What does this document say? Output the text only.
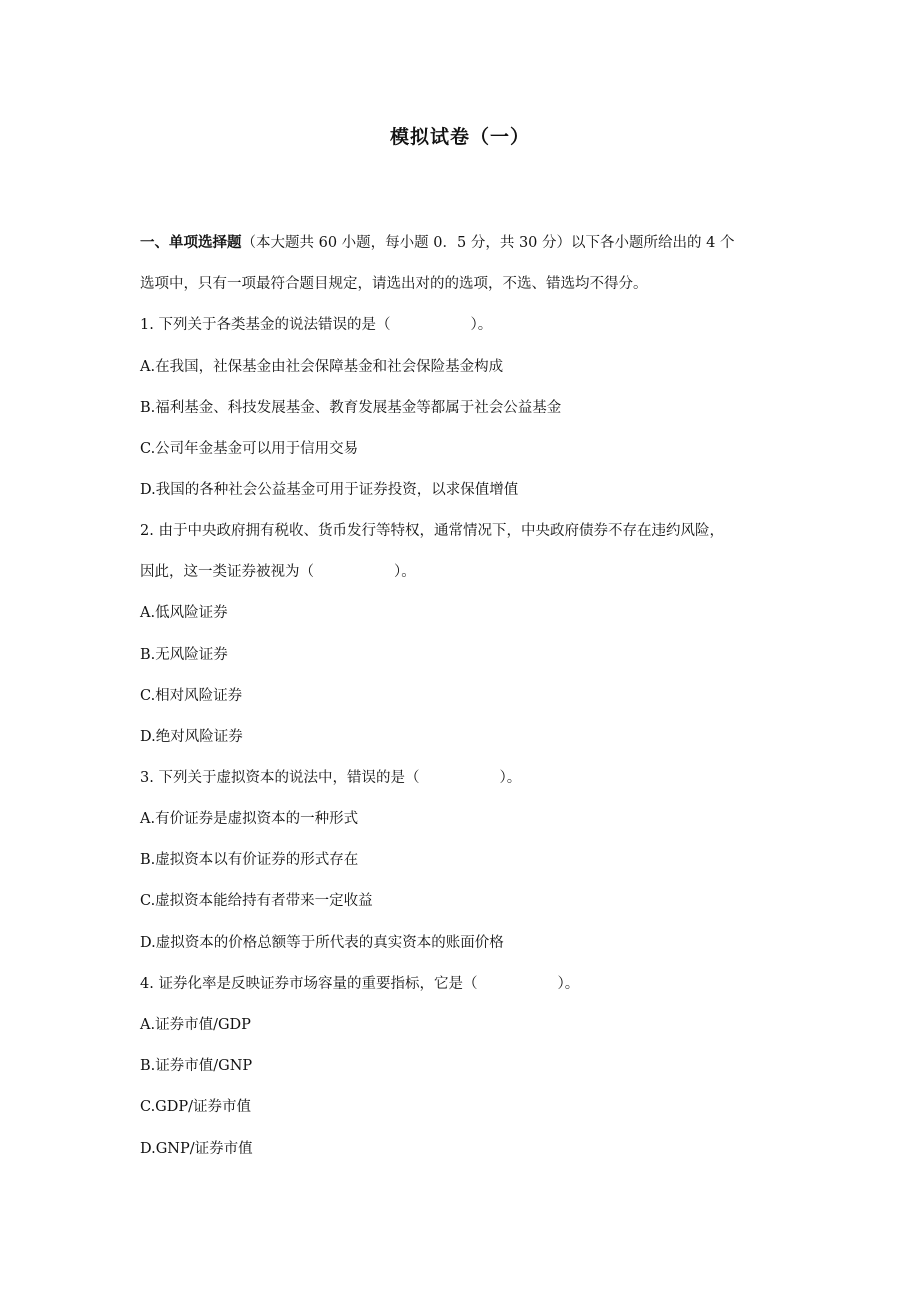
模拟试卷（一）
一、单项选择题（本大题共 60 小题，每小题 0．5 分，共 30 分）以下各小题所给出的 4 个
选项中，只有一项最符合题目规定，请选出对的的选项，不选、错选均不得分。
1. 下列关于各类基金的说法错误的是（	）。
A.在我国，社保基金由社会保障基金和社会保险基金构成
B.福利基金、科技发展基金、教育发展基金等都属于社会公益基金
C.公司年金基金可以用于信用交易
D.我国的各种社会公益基金可用于证券投资，以求保值增值
2. 由于中央政府拥有税收、货币发行等特权，通常情况下，中央政府债券不存在违约风险，
因此，这一类证券被视为（	）。
A.低风险证券
B.无风险证券
C.相对风险证券
D.绝对风险证券
3. 下列关于虚拟资本的说法中，错误的是（	）。
A.有价证券是虚拟资本的一种形式
B.虚拟资本以有价证券的形式存在
C.虚拟资本能给持有者带来一定收益
D.虚拟资本的价格总额等于所代表的真实资本的账面价格
4. 证券化率是反映证券市场容量的重要指标，它是（	）。
A.证券市值/GDP
B.证券市值/GNP
C.GDP/证券市值
D.GNP/证券市值
